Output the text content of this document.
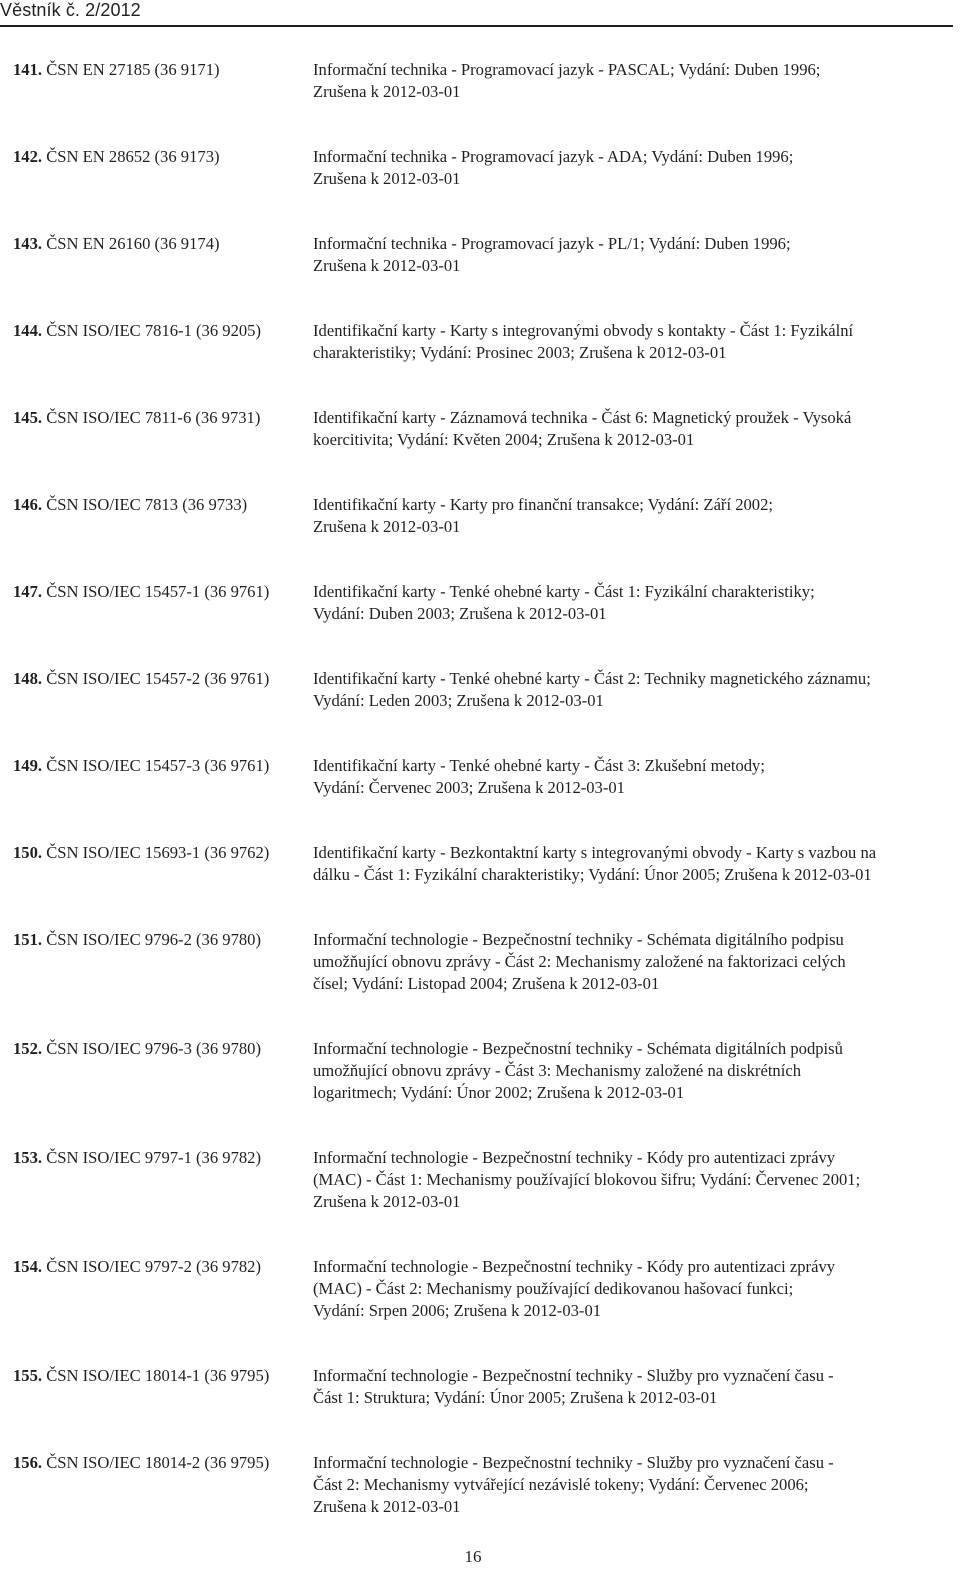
Věstník č. 2/2012
141. ČSN EN 27185 (36 9171)	Informační technika - Programovací jazyk - PASCAL; Vydání: Duben 1996;
Zrušena k 2012-03-01
142. ČSN EN 28652 (36 9173)	Informační technika - Programovací jazyk - ADA; Vydání: Duben 1996;
Zrušena k 2012-03-01
143. ČSN EN 26160 (36 9174)	Informační technika - Programovací jazyk - PL/1; Vydání: Duben 1996;
Zrušena k 2012-03-01
144. ČSN ISO/IEC 7816-1 (36 9205)	Identifikační karty - Karty s integrovanými obvody s kontakty - Část 1: Fyzikální
charakteristiky; Vydání: Prosinec 2003; Zrušena k 2012-03-01
145. ČSN ISO/IEC 7811-6 (36 9731)	Identifikační karty - Záznamová technika - Část 6: Magnetický proužek - Vysoká
koercitivita; Vydání: Květen 2004; Zrušena k 2012-03-01
146. ČSN ISO/IEC 7813 (36 9733)	Identifikační karty - Karty pro finanční transakce; Vydání: Září 2002;
Zrušena k 2012-03-01
147. ČSN ISO/IEC 15457-1 (36 9761)	Identifikační karty - Tenké ohebné karty - Část 1: Fyzikální charakteristiky;
Vydání: Duben 2003; Zrušena k 2012-03-01
148. ČSN ISO/IEC 15457-2 (36 9761)	Identifikační karty - Tenké ohebné karty - Část 2: Techniky magnetického záznamu;
Vydání: Leden 2003; Zrušena k 2012-03-01
149. ČSN ISO/IEC 15457-3 (36 9761)	Identifikační karty - Tenké ohebné karty - Část 3: Zkušební metody;
Vydání: Červenec 2003; Zrušena k 2012-03-01
150. ČSN ISO/IEC 15693-1 (36 9762)	Identifikační karty - Bezkontaktní karty s integrovanými obvody - Karty s vazbou na
dálku - Část 1: Fyzikální charakteristiky; Vydání: Únor 2005; Zrušena k 2012-03-01
151. ČSN ISO/IEC 9796-2 (36 9780)	Informační technologie - Bezpečnostní techniky - Schémata digitálního podpisu
umožňující obnovu zprávy - Část 2: Mechanismy založené na faktorizaci celých
čísel; Vydání: Listopad 2004; Zrušena k 2012-03-01
152. ČSN ISO/IEC 9796-3 (36 9780)	Informační technologie - Bezpečnostní techniky - Schémata digitálních podpisů
umožňující obnovu zprávy - Část 3: Mechanismy založené na diskrétních
logaritmech; Vydání: Únor 2002; Zrušena k 2012-03-01
153. ČSN ISO/IEC 9797-1 (36 9782)	Informační technologie - Bezpečnostní techniky - Kódy pro autentizaci zprávy
(MAC) - Část 1: Mechanismy používající blokovou šifru; Vydání: Červenec 2001;
Zrušena k 2012-03-01
154. ČSN ISO/IEC 9797-2 (36 9782)	Informační technologie - Bezpečnostní techniky - Kódy pro autentizaci zprávy
(MAC) - Část 2: Mechanismy používající dedikovanou hašovací funkci;
Vydání: Srpen 2006; Zrušena k 2012-03-01
155. ČSN ISO/IEC 18014-1 (36 9795)	Informační technologie - Bezpečnostní techniky - Služby pro vyznačení času -
Část 1: Struktura; Vydání: Únor 2005; Zrušena k 2012-03-01
156. ČSN ISO/IEC 18014-2 (36 9795)	Informační technologie - Bezpečnostní techniky - Služby pro vyznačení času -
Část 2: Mechanismy vytvářející nezávislé tokeny; Vydání: Červenec 2006;
Zrušena k 2012-03-01
16
